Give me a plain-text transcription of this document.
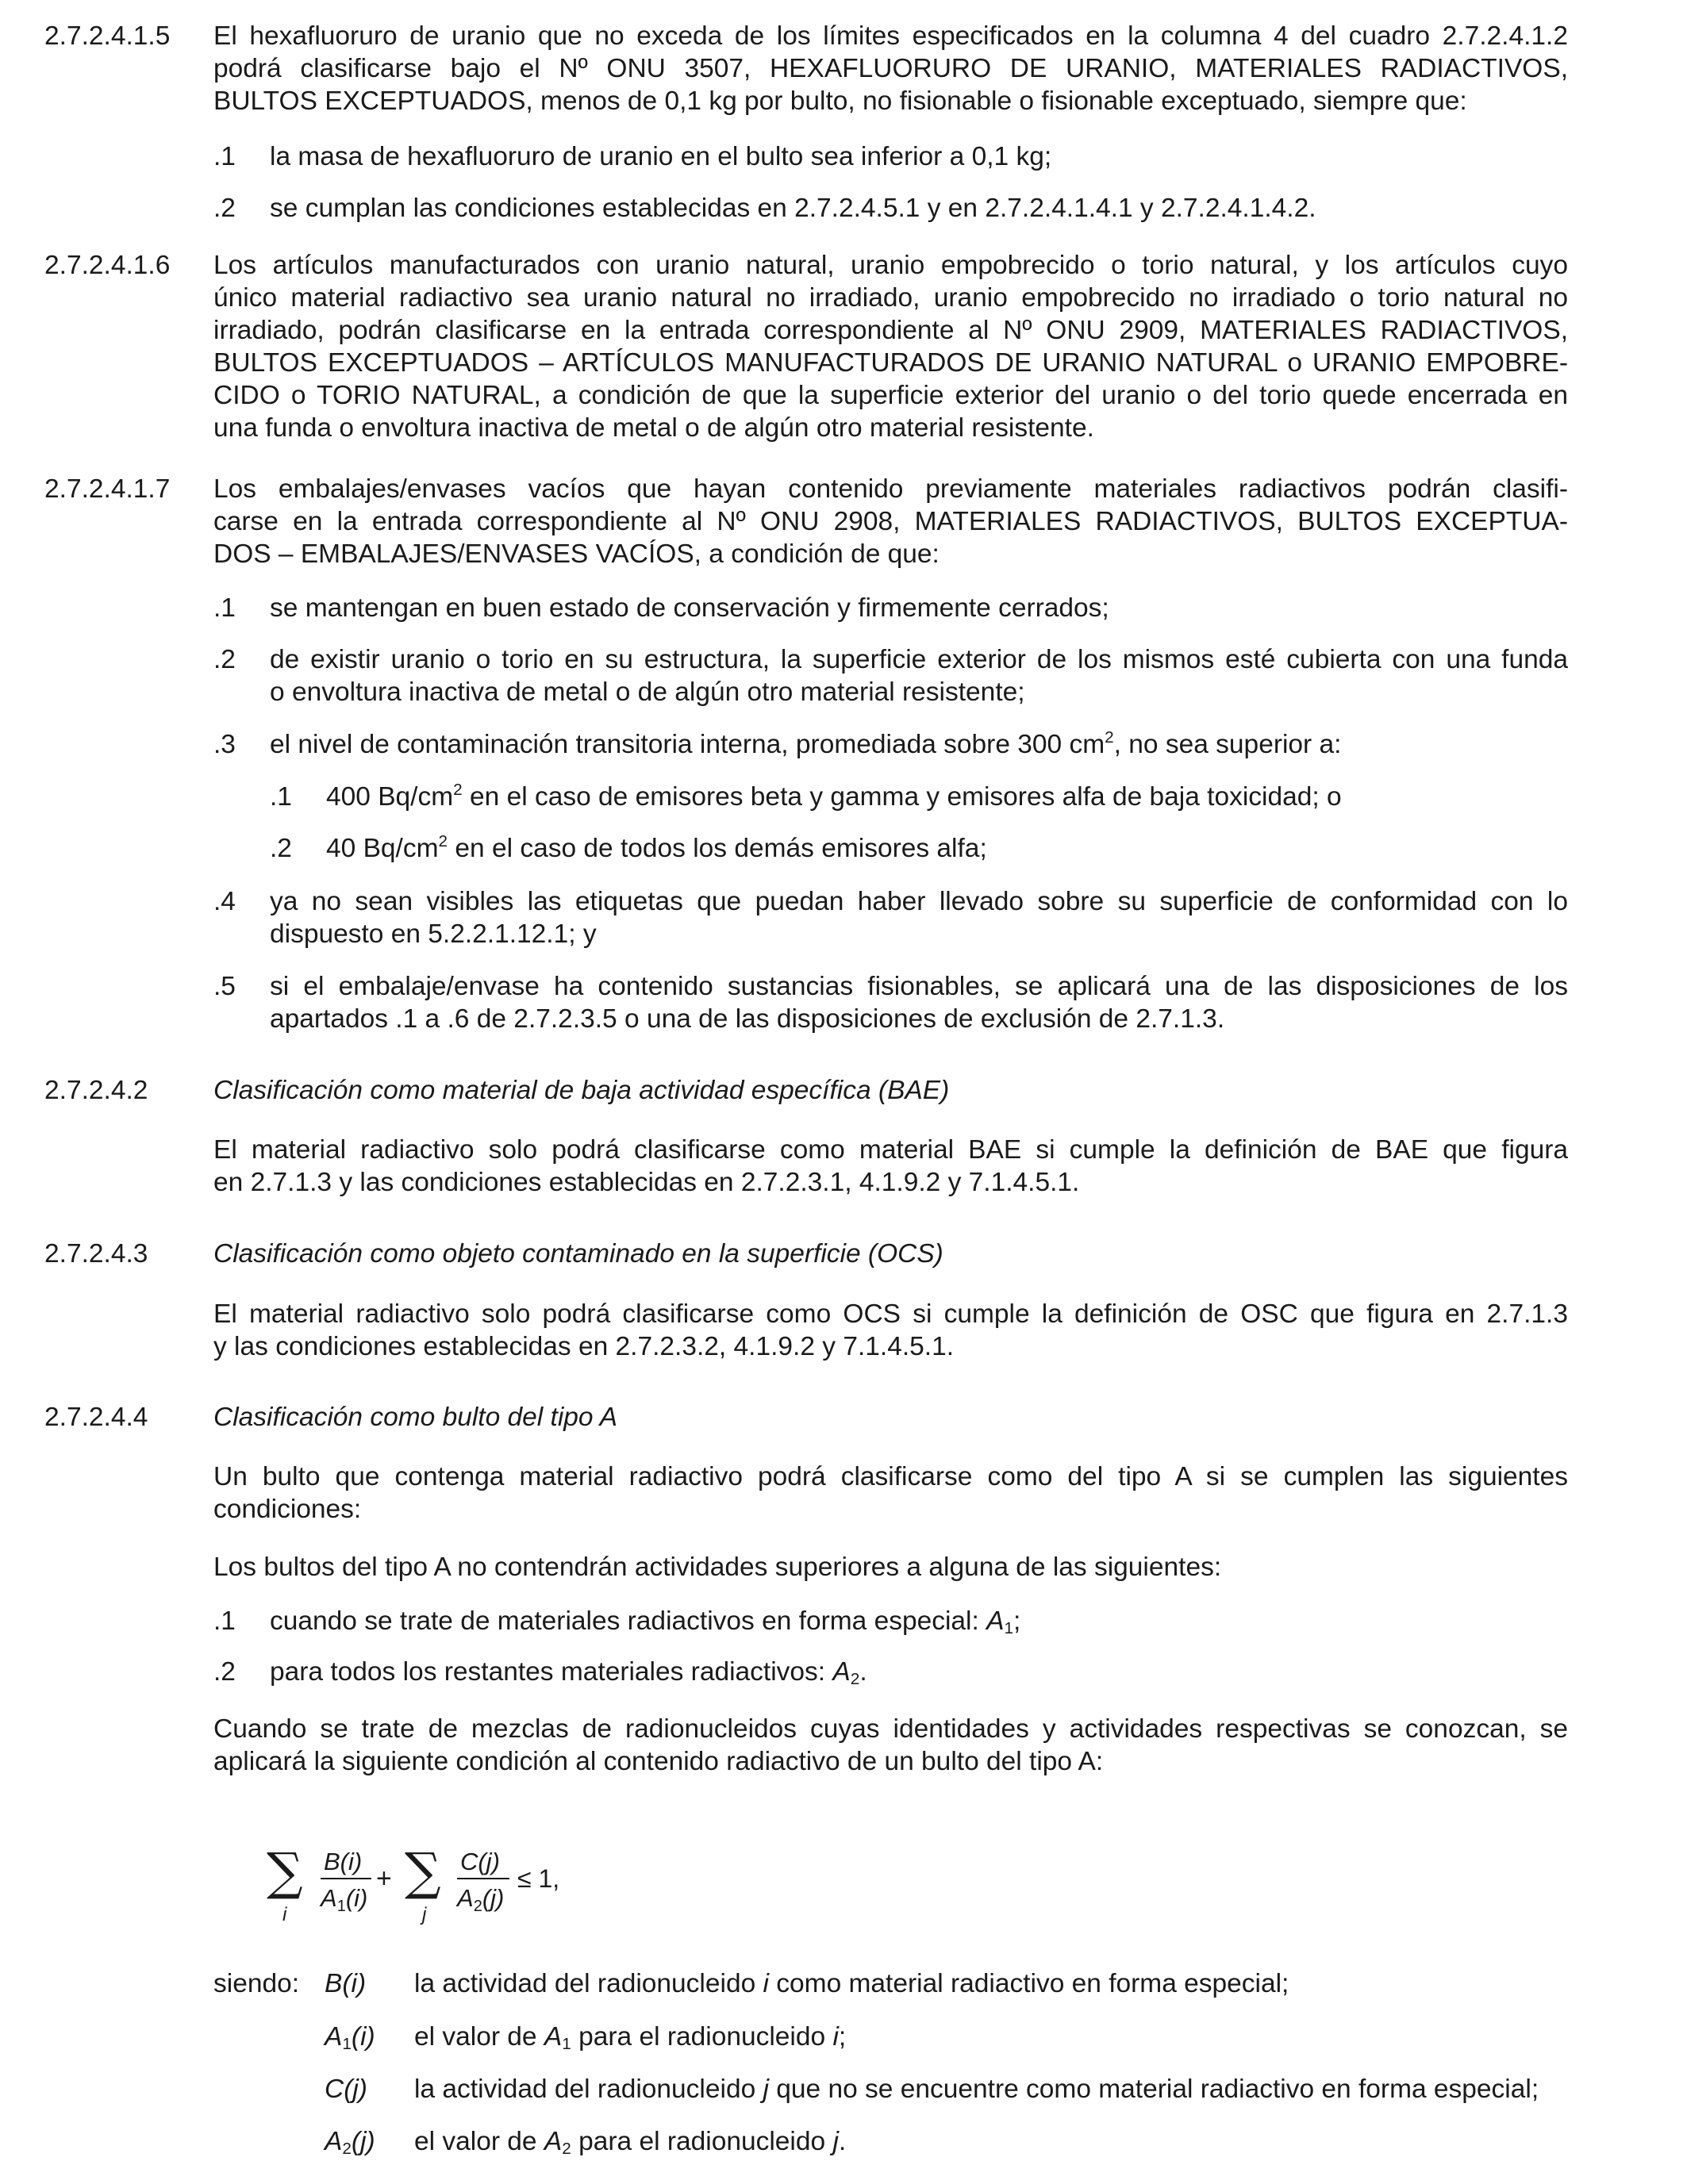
2.7.2.4.1.5 El hexafluoruro de uranio que no exceda de los límites especificados en la columna 4 del cuadro 2.7.2.4.1.2
podrá clasificarse bajo el Nº ONU 3507, HEXAFLUORURO DE URANIO, MATERIALES RADIACTIVOS,
BULTOS EXCEPTUADOS, menos de 0,1 kg por bulto, no fisionable o fisionable exceptuado, siempre que:
.1 la masa de hexafluoruro de uranio en el bulto sea inferior a 0,1 kg;
.2 se cumplan las condiciones establecidas en 2.7.2.4.5.1 y en 2.7.2.4.1.4.1 y 2.7.2.4.1.4.2.
2.7.2.4.1.6 Los artículos manufacturados con uranio natural, uranio empobrecido o torio natural, y los artículos cuyo
único material radiactivo sea uranio natural no irradiado, uranio empobrecido no irradiado o torio natural no
irradiado, podrán clasificarse en la entrada correspondiente al Nº ONU 2909, MATERIALES RADIACTIVOS,
BULTOS EXCEPTUADOS – ARTÍCULOS MANUFACTURADOS DE URANIO NATURAL o URANIO EMPOBRE-
CIDO o TORIO NATURAL, a condición de que la superficie exterior del uranio o del torio quede encerrada en
una funda o envoltura inactiva de metal o de algún otro material resistente.
2.7.2.4.1.7 Los embalajes/envases vacíos que hayan contenido previamente materiales radiactivos podrán clasifi-
carse en la entrada correspondiente al Nº ONU 2908, MATERIALES RADIACTIVOS, BULTOS EXCEPTUA-
DOS – EMBALAJES/ENVASES VACÍOS, a condición de que:
.1 se mantengan en buen estado de conservación y firmemente cerrados;
.2 de existir uranio o torio en su estructura, la superficie exterior de los mismos esté cubierta con una funda
o envoltura inactiva de metal o de algún otro material resistente;
.3 el nivel de contaminación transitoria interna, promediada sobre 300 $cm^2$, no sea superior a:
.1 400 $Bq/cm^2$ en el caso de emisores beta y gamma y emisores alfa de baja toxicidad; o
.2 40 $Bq/cm^2$ en el caso de todos los demás emisores alfa;
.4 ya no sean visibles las etiquetas que puedan haber llevado sobre su superficie de conformidad con lo
dispuesto en 5.2.2.1.12.1; y
.5 si el embalaje/envase ha contenido sustancias fisionables, se aplicará una de las disposiciones de los
apartados .1 a .6 de 2.7.2.3.5 o una de las disposiciones de exclusión de 2.7.1.3.
2.7.2.4.2 Clasificación como material de baja actividad específica (BAE)
El material radiactivo solo podrá clasificarse como material BAE si cumple la definición de BAE que figura
en 2.7.1.3 y las condiciones establecidas en 2.7.2.3.1, 4.1.9.2 y 7.1.4.5.1.
2.7.2.4.3 Clasificación como objeto contaminado en la superficie (OCS)
El material radiactivo solo podrá clasificarse como OCS si cumple la definición de OSC que figura en 2.7.1.3
y las condiciones establecidas en 2.7.2.3.2, 4.1.9.2 y 7.1.4.5.1.
2.7.2.4.4 Clasificación como bulto del tipo A
Un bulto que contenga material radiactivo podrá clasificarse como del tipo A si se cumplen las siguientes
condiciones:
Los bultos del tipo A no contendrán actividades superiores a alguna de las siguientes:
.1 cuando se trate de materiales radiactivos en forma especial: $A_1$;
.2 para todos los restantes materiales radiactivos: $A_2$.
Cuando se trate de mezclas de radionucleidos cuyas identidades y actividades respectivas se conozcan, se
aplicará la siguiente condición al contenido radiactivo de un bulto del tipo A:
∑
i
B(i)
A1(i)
+ ∑
j
C(j)
A2(j)
≤ 1,
siendo: B(i) la actividad del radionucleido i como material radiactivo en forma especial;
$A_1(i)$ el valor de $A_1$ para el radionucleido i;
C(j) la actividad del radionucleido j que no se encuentre como material radiactivo en forma especial;
$A_2(j)$ el valor de $A_2$ para el radionucleido j.
